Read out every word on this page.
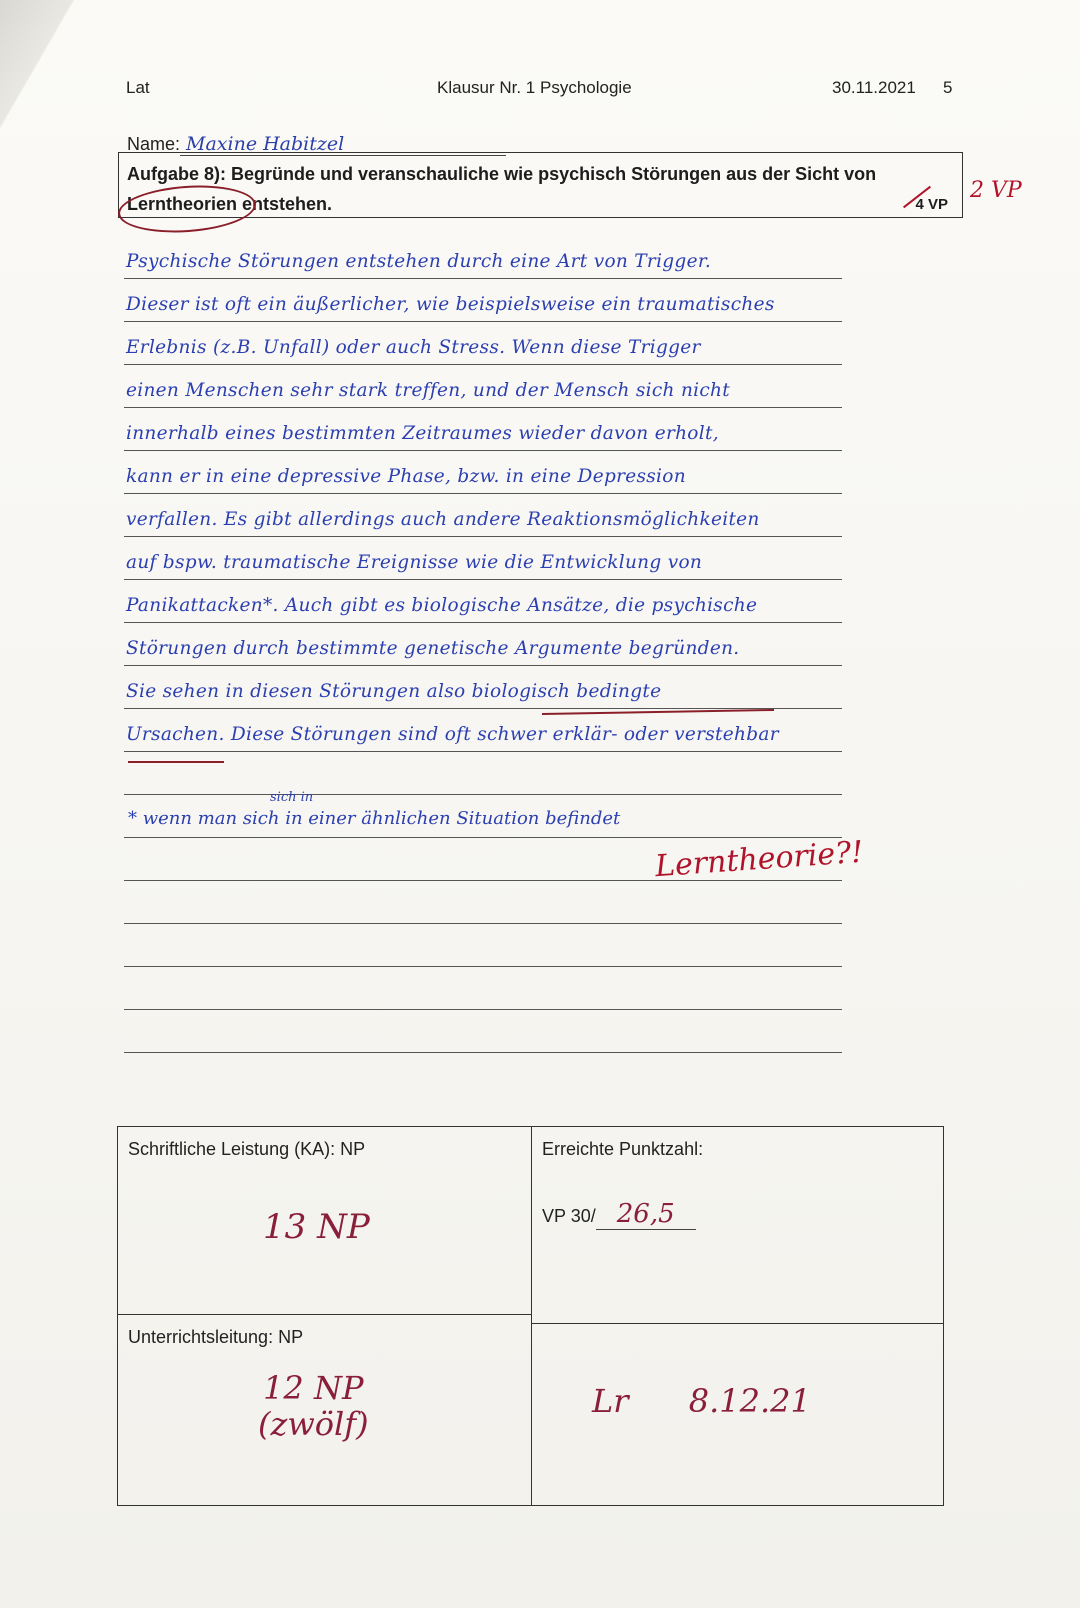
Lat	Klausur Nr. 1 Psychologie	30.11.2021 5
Name: Maxine Habitzel
Aufgabe 8): Begründe und veranschauliche wie psychisch Störungen aus der Sicht von Lerntheorien entstehen.	4 VP
2 VP
Psychische Störungen entstehen durch eine Art von Trigger.
Dieser ist oft ein äußerlicher, wie beispielsweise ein traumatisches
Erlebnis (z.B. Unfall) oder auch Stress. Wenn diese Trigger
einen Menschen sehr stark treffen, und der Mensch sich nicht
innerhalb eines bestimmten Zeitraumes wieder davon erholt,
kann er in eine depressive Phase, bzw. in eine Depression
verfallen. Es gibt allerdings auch andere Reaktionsmöglichkeiten
auf bspw. traumatische Ereignisse wie die Entwicklung von
Panikattacken*. Auch gibt es biologische Ansätze, die psychische
Störungen durch bestimmte genetische Argumente begründen.
Sie sehen in diesen Störungen also biologisch bedingte
Ursachen. Diese Störungen sind oft schwer erklär- oder verstehbar
sich in
* wenn man sich in einer ähnlichen Situation befindet
Lerntheorie?!
Schriftliche Leistung (KA): NP
13 NP
Erreichte Punktzahl:
VP 30/ 26,5
Unterrichtsleitung: NP
12 NP
(zwölf)
Lr 8.12.21
